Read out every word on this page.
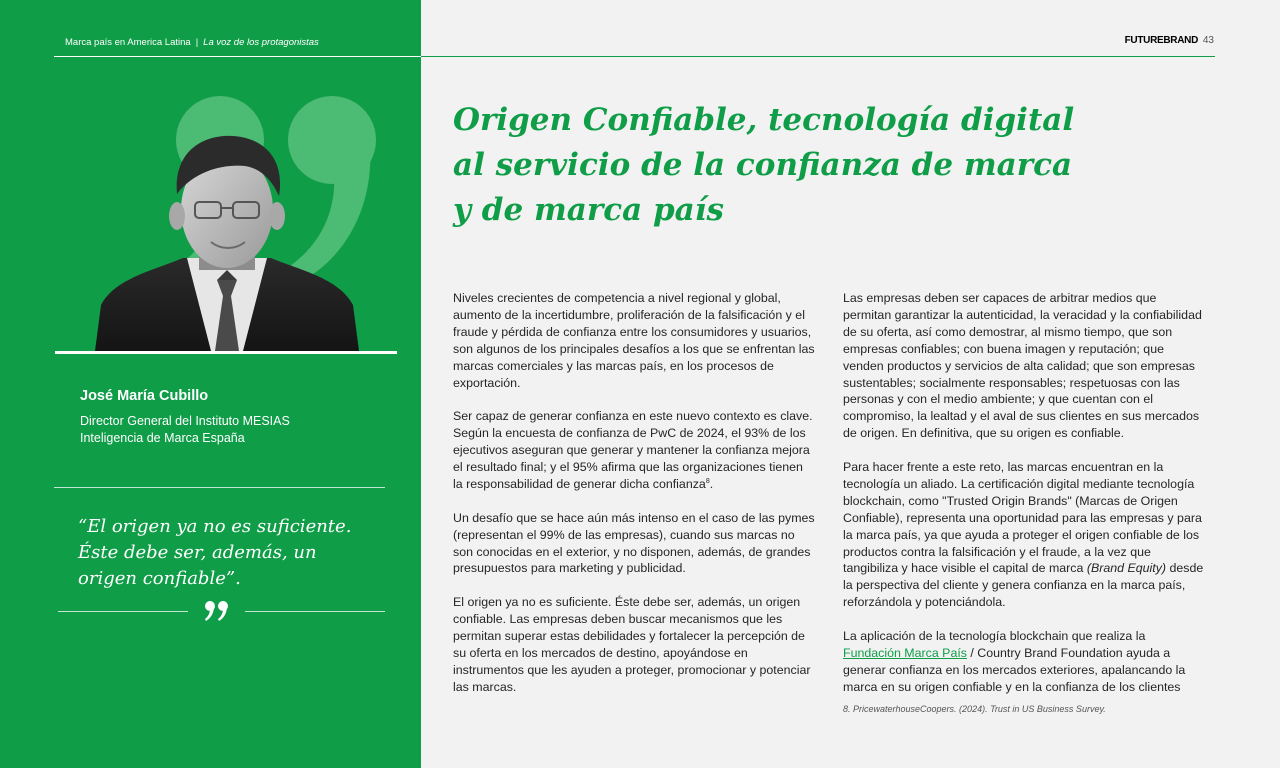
Marca país en America Latina | La voz de los protagonistas
José María Cubillo
Director General del Instituto MESIAS
Inteligencia de Marca España
“El origen ya no es suficiente.
Éste debe ser, además, un
origen confiable”.
FUTUREBRAND 43
Origen Confiable, tecnología digital
al servicio de la confianza de marca
y de marca país

Niveles crecientes de competencia a nivel regional y global, aumento de la incertidumbre, proliferación de la falsificación y el fraude y pérdida de confianza entre los consumidores y usuarios, son algunos de los principales desafíos a los que se enfrentan las marcas comerciales y las marcas país, en los procesos de exportación.

Ser capaz de generar confianza en este nuevo contexto es clave. Según la encuesta de confianza de PwC de 2024, el 93% de los ejecutivos aseguran que generar y mantener la confianza mejora el resultado final; y el 95% afirma que las organizaciones tienen la responsabilidad de generar dicha confianza$^8$.

Un desafío que se hace aún más intenso en el caso de las pymes (representan el 99% de las empresas), cuando sus marcas no son conocidas en el exterior, y no disponen, además, de grandes presupuestos para marketing y publicidad.

El origen ya no es suficiente. Éste debe ser, además, un origen confiable. Las empresas deben buscar mecanismos que les permitan superar estas debilidades y fortalecer la percepción de su oferta en los mercados de destino, apoyándose en instrumentos que les ayuden a proteger, promocionar y potenciar las marcas.

Las empresas deben ser capaces de arbitrar medios que permitan garantizar la autenticidad, la veracidad y la confiabilidad de su oferta, así como demostrar, al mismo tiempo, que son empresas confiables; con buena imagen y reputación; que venden productos y servicios de alta calidad; que son empresas sustentables; socialmente responsables; respetuosas con las personas y con el medio ambiente; y que cuentan con el compromiso, la lealtad y el aval de sus clientes en sus mercados de origen. En definitiva, que su origen es confiable.

Para hacer frente a este reto, las marcas encuentran en la tecnología un aliado. La certificación digital mediante tecnología blockchain, como "Trusted Origin Brands" (Marcas de Origen Confiable), representa una oportunidad para las empresas y para la marca país, ya que ayuda a proteger el origen confiable de los productos contra la falsificación y el fraude, a la vez que tangibiliza y hace visible el capital de marca (Brand Equity) desde la perspectiva del cliente y genera confianza en la marca país, reforzándola y potenciándola.

La aplicación de la tecnología blockchain que realiza la Fundación Marca País / Country Brand Foundation ayuda a generar confianza en los mercados exteriores, apalancando la marca en su origen confiable y en la confianza de los clientes

8. PricewaterhouseCoopers. (2024). Trust in US Business Survey.
